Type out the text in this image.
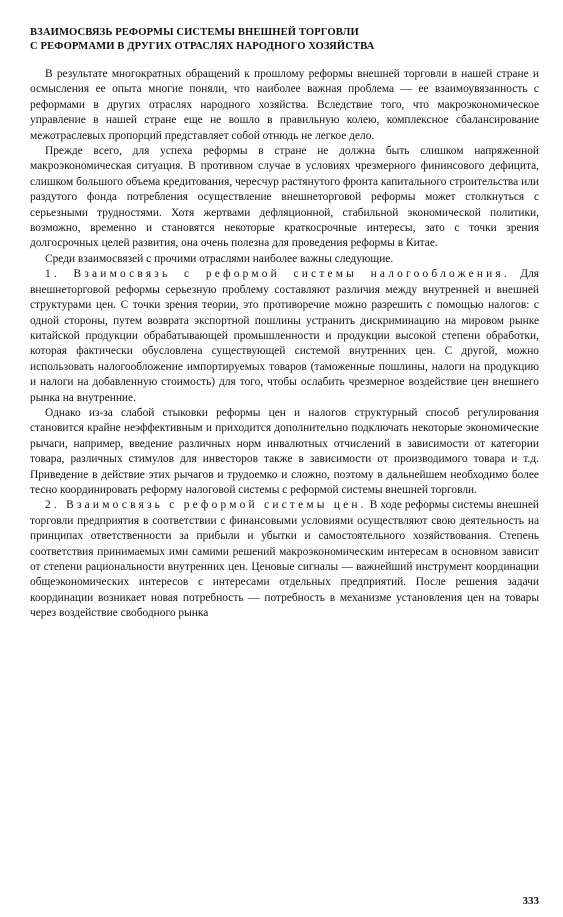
ВЗАИМОСВЯЗЬ РЕФОРМЫ СИСТЕМЫ ВНЕШНЕЙ ТОРГОВЛИ
С РЕФОРМАМИ В ДРУГИХ ОТРАСЛЯХ НАРОДНОГО ХОЗЯЙСТВА

В результате многократных обращений к прошлому реформы внешней торговли в нашей стране и осмысления ее опыта многие поняли, что наиболее важная проблема — ее взаимоувязанность с реформами в других отраслях народного хозяйства. Вследствие того, что макроэкономическое управление в нашей стране еще не вошло в правильную колею, комплексное сбалансирование межотраслевых пропорций представляет собой отнюдь не легкое дело.

Прежде всего, для успеха реформы в стране не должна быть слишком напряженной макроэкономическая ситуация. В противном случае в условиях чрезмерного фининсового дефицита, слишком большого объема кредитования, чересчур растянутого фронта капитального строительства или раздутого фонда потребления осуществление внешнеторговой реформы может столкнуться с серьезными трудностями. Хотя жертвами дефляционной, стабильной экономической политики, возможно, временно и становятся некоторые краткосрочные интересы, зато с точки зрения долгосрочных целей развития, она очень полезна для проведения реформы в Китае.

Среди взаимосвязей с прочими отраслями наиболее важны следующие.

1. Взаимосвязь с реформой системы налогообложения. Для внешнеторговой реформы серьезную проблему составляют различия между внутренней и внешней структурами цен. С точки зрения теории, это противоречие можно разрешить с помощью налогов: с одной стороны, путем возврата экспортной пошлины устранить дискриминацию на мировом рынке китайской продукции обрабатывающей промышленности и продукции высокой степени обработки, которая фактически обусловлена существующей системой внутренних цен. С другой, можно использовать налогообложение импортируемых товаров (таможенные пошлины, налоги на продукцию и налоги на добавленную стоимость) для того, чтобы ослабить чрезмерное воздействие цен внешнего рынка на внутренние.

Однако из-за слабой стыковки реформы цен и налогов структурный способ регулирования становится крайне неэффективным и приходится дополнительно подключать некоторые экономические рычаги, например, введение различных норм инвалютных отчислений в зависимости от категории товара, различных стимулов для инвесторов также в зависимости от производимого товара и т.д. Приведение в действие этих рычагов и трудоемко и сложно, поэтому в дальнейшем необходимо более тесно координировать реформу налоговой системы с реформой системы внешней торговли.

2. Взаимосвязь с реформой системы цен. В ходе реформы системы внешней торговли предприятия в соответствии с финансовыми условиями осуществляют свою деятельность на принципах ответственности за прибыли и убытки и самостоятельного хозяйствования. Степень соответствия принимаемых ими самими решений макроэкономическим интересам в основном зависит от степени рациональности внутренних цен. Ценовые сигналы — важнейший инструмент координации общеэкономических интересов с интересами отдельных предприятий. После решения задачи координации возникает новая потребность — потребность в механизме установления цен на товары через воздействие свободного рынка

333
